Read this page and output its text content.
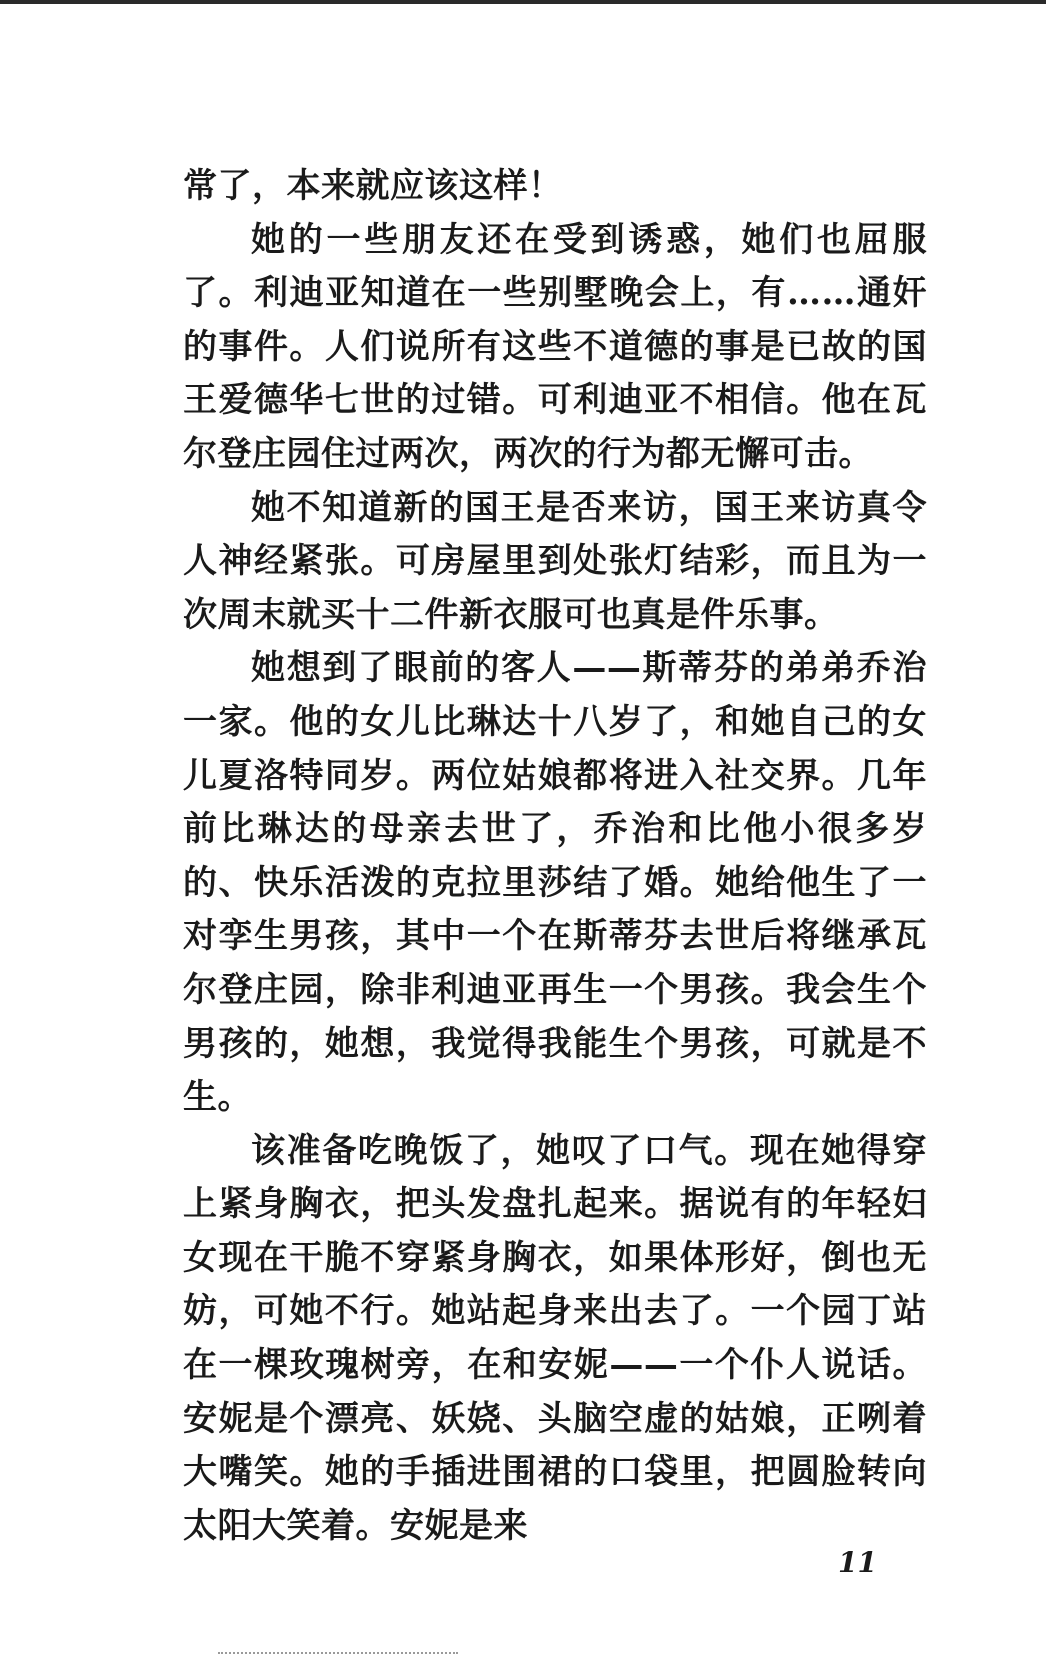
常了，本来就应该这样！

她的一些朋友还在受到诱惑，她们也屈服了。利迪亚知道在一些别墅晚会上，有……通奸的事件。人们说所有这些不道德的事是已故的国王爱德华七世的过错。可利迪亚不相信。他在瓦尔登庄园住过两次，两次的行为都无懈可击。

她不知道新的国王是否来访，国王来访真令人神经紧张。可房屋里到处张灯结彩，而且为一次周末就买十二件新衣服可也真是件乐事。

她想到了眼前的客人——斯蒂芬的弟弟乔治一家。他的女儿比琳达十八岁了，和她自己的女儿夏洛特同岁。两位姑娘都将进入社交界。几年前比琳达的母亲去世了，乔治和比他小很多岁的、快乐活泼的克拉里莎结了婚。她给他生了一对孪生男孩，其中一个在斯蒂芬去世后将继承瓦尔登庄园，除非利迪亚再生一个男孩。我会生个男孩的，她想，我觉得我能生个男孩，可就是不生。

该准备吃晚饭了，她叹了口气。现在她得穿上紧身胸衣，把头发盘扎起来。据说有的年轻妇女现在干脆不穿紧身胸衣，如果体形好，倒也无妨，可她不行。她站起身来出去了。一个园丁站在一棵玫瑰树旁，在和安妮——一个仆人说话。安妮是个漂亮、妖娆、头脑空虚的姑娘，正咧着大嘴笑。她的手插进围裙的口袋里，把圆脸转向太阳大笑着。安妮是来

11
